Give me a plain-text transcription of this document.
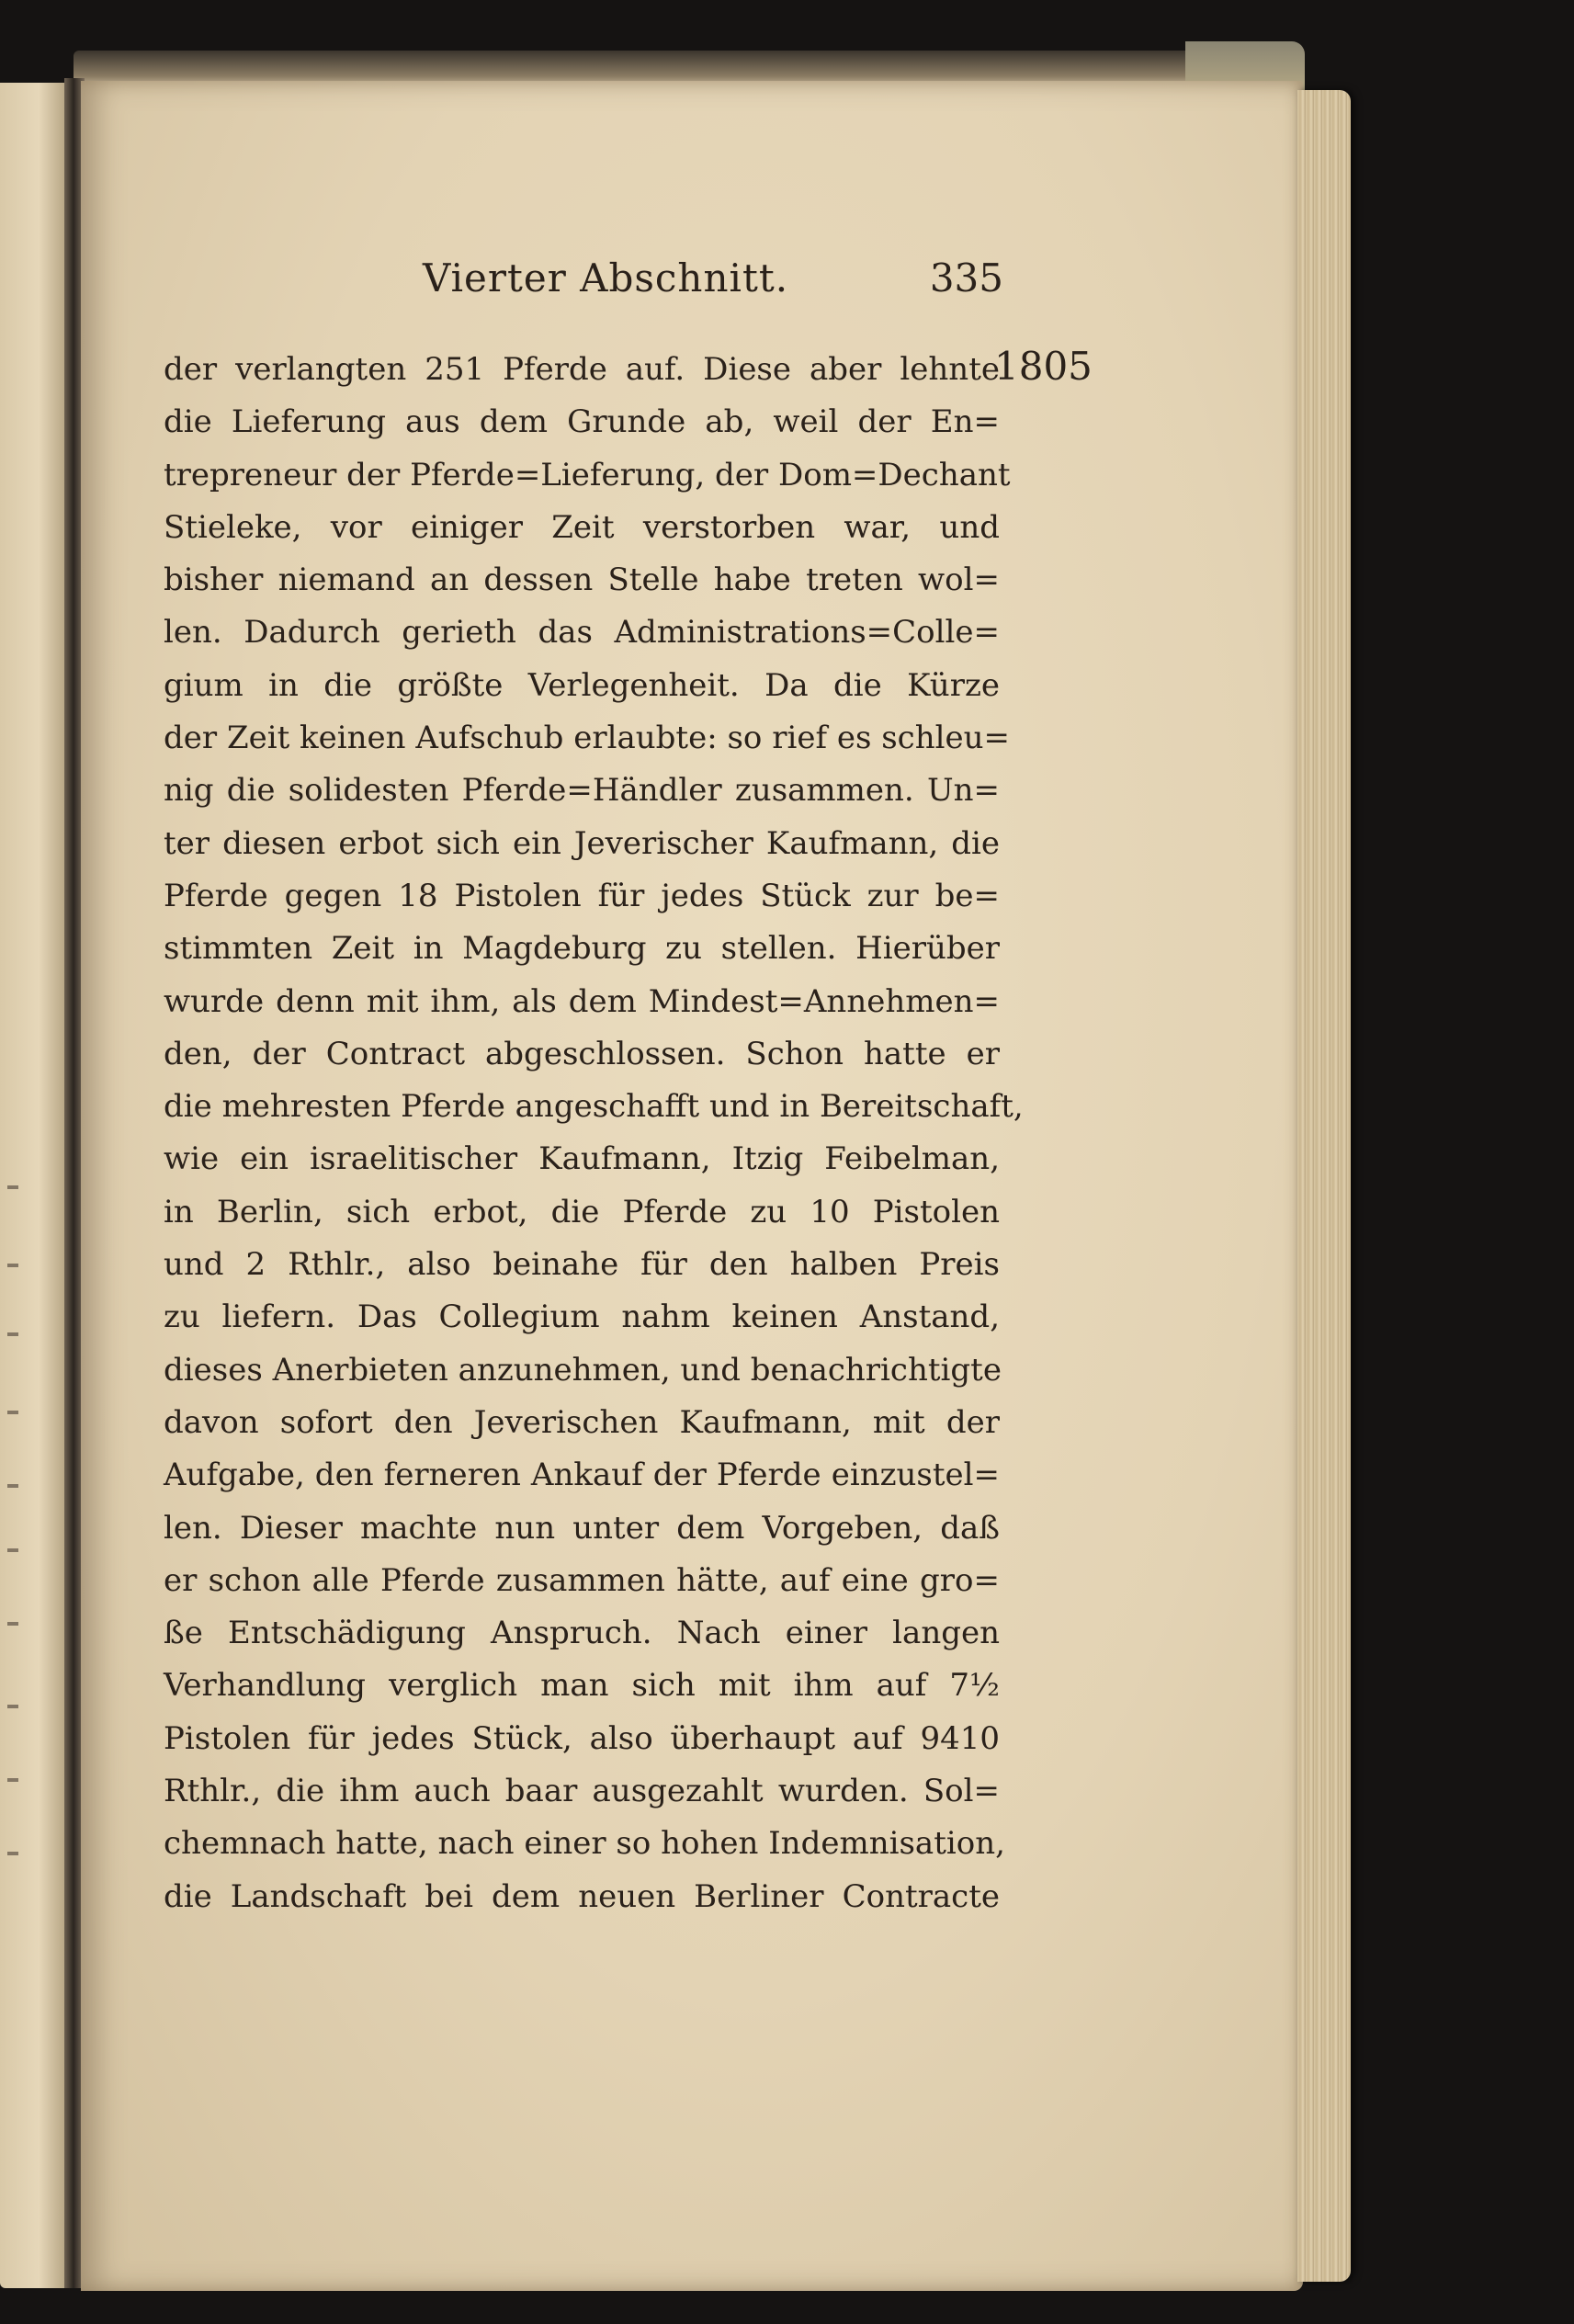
Vierter Abschnitt.	335
1805
der verlangten 251 Pferde auf. Diese aber lehnte
die Lieferung aus dem Grunde ab, weil der En=
trepreneur der Pferde=Lieferung, der Dom=Dechant
Stieleke, vor einiger Zeit verstorben war, und
bisher niemand an dessen Stelle habe treten wol=
len. Dadurch gerieth das Administrations=Colle=
gium in die größte Verlegenheit. Da die Kürze
der Zeit keinen Aufschub erlaubte: so rief es schleu=
nig die solidesten Pferde=Händler zusammen. Un=
ter diesen erbot sich ein Jeverischer Kaufmann, die
Pferde gegen 18 Pistolen für jedes Stück zur be=
stimmten Zeit in Magdeburg zu stellen. Hierüber
wurde denn mit ihm, als dem Mindest=Annehmen=
den, der Contract abgeschlossen. Schon hatte er
die mehresten Pferde angeschafft und in Bereitschaft,
wie ein israelitischer Kaufmann, Itzig Feibelman,
in Berlin, sich erbot, die Pferde zu 10 Pistolen
und 2 Rthlr., also beinahe für den halben Preis
zu liefern. Das Collegium nahm keinen Anstand,
dieses Anerbieten anzunehmen, und benachrichtigte
davon sofort den Jeverischen Kaufmann, mit der
Aufgabe, den ferneren Ankauf der Pferde einzustel=
len. Dieser machte nun unter dem Vorgeben, daß
er schon alle Pferde zusammen hätte, auf eine gro=
ße Entschädigung Anspruch. Nach einer langen
Verhandlung verglich man sich mit ihm auf 7½
Pistolen für jedes Stück, also überhaupt auf 9410
Rthlr., die ihm auch baar ausgezahlt wurden. Sol=
chemnach hatte, nach einer so hohen Indemnisation,
die Landschaft bei dem neuen Berliner Contracte
